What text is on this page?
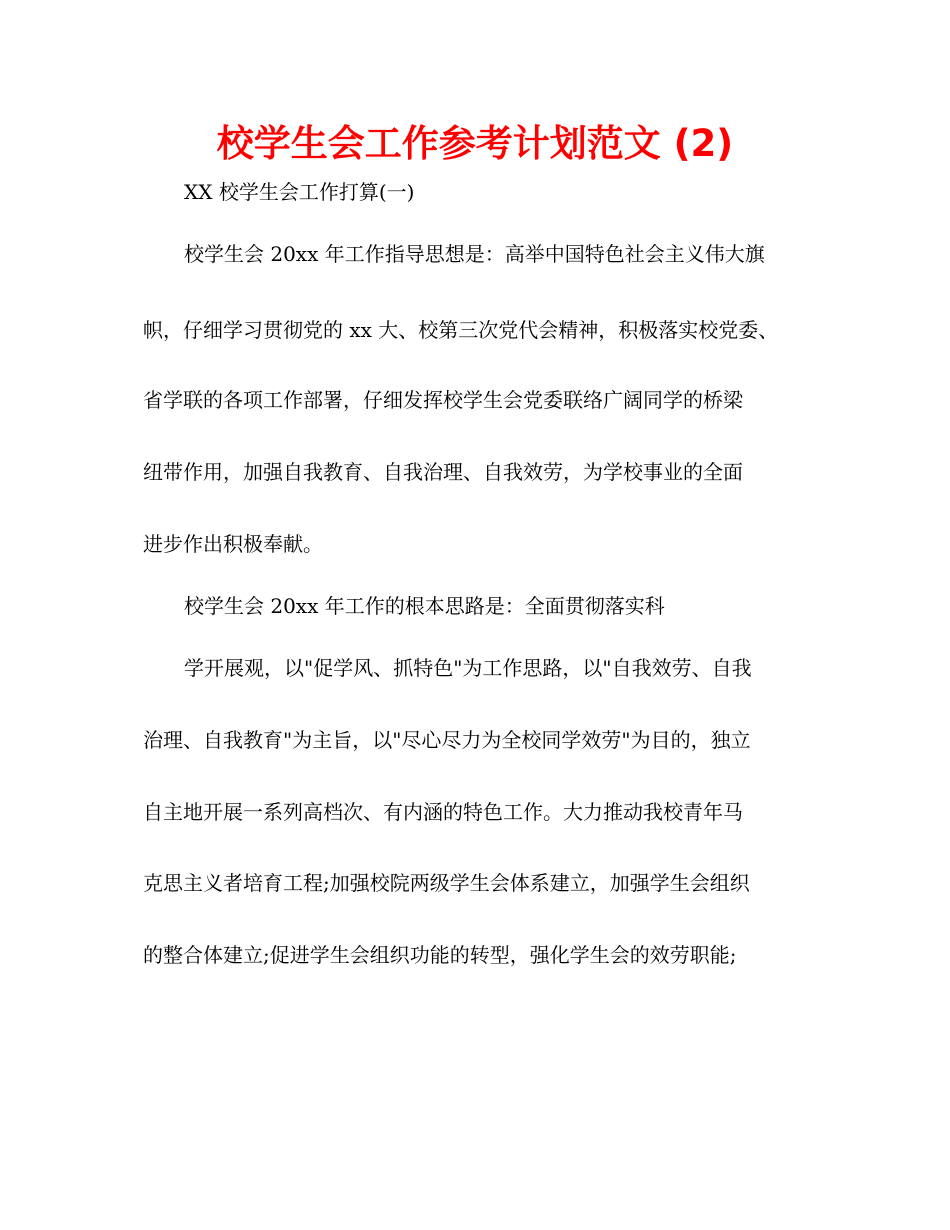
校学生会工作参考计划范文 (2)
XX 校学生会工作打算(一)
校学生会 20xx 年工作指导思想是：高举中国特色社会主义伟大旗
帜，仔细学习贯彻党的 xx 大、校第三次党代会精神，积极落实校党委、
省学联的各项工作部署，仔细发挥校学生会党委联络广阔同学的桥梁
纽带作用，加强自我教育、自我治理、自我效劳，为学校事业的全面
进步作出积极奉献。
校学生会 20xx 年工作的根本思路是：全面贯彻落实科
学开展观，以"促学风、抓特色"为工作思路，以"自我效劳、自我
治理、自我教育"为主旨，以"尽心尽力为全校同学效劳"为目的，独立
自主地开展一系列高档次、有内涵的特色工作。大力推动我校青年马
克思主义者培育工程;加强校院两级学生会体系建立，加强学生会组织
的整合体建立;促进学生会组织功能的转型，强化学生会的效劳职能;
